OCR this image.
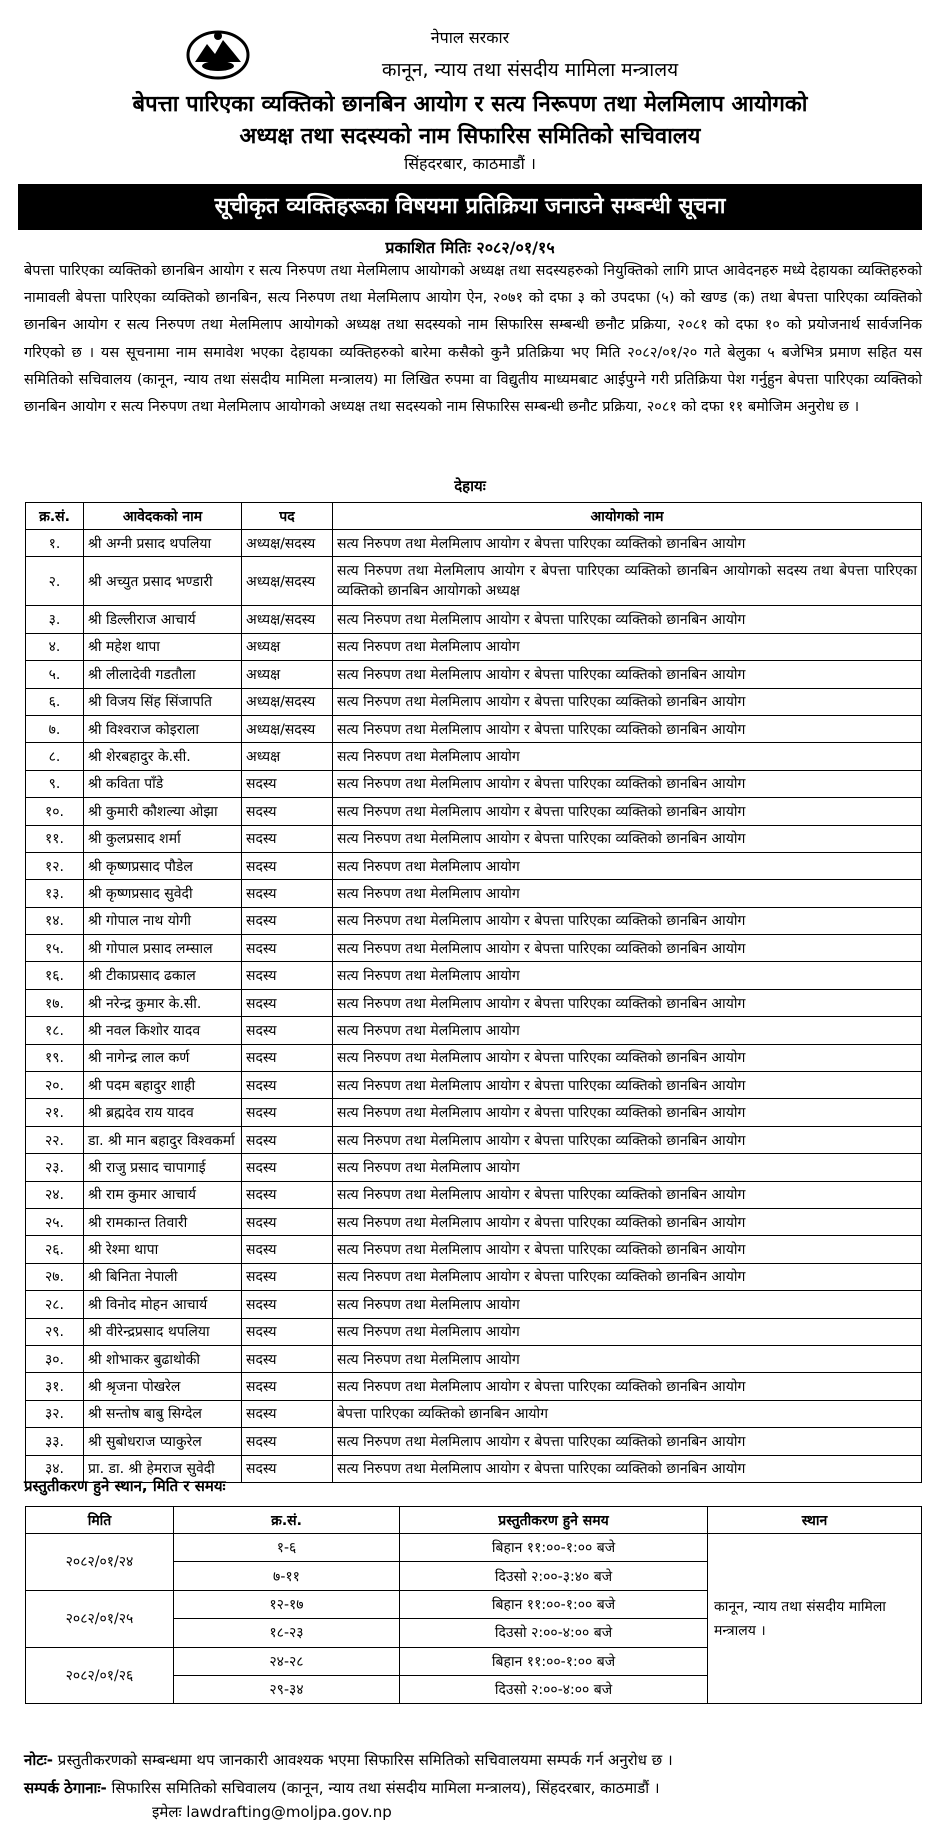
नेपाल सरकार
कानून, न्याय तथा संसदीय मामिला मन्त्रालय
बेपत्ता पारिएका व्यक्तिको छानबिन आयोग र सत्य निरूपण तथा मेलमिलाप आयोगको
अध्यक्ष तथा सदस्यको नाम सिफारिस समितिको सचिवालय
सिंहदरबार, काठमाडौं ।
सूचीकृत व्यक्तिहरूका विषयमा प्रतिक्रिया जनाउने सम्बन्धी सूचना
प्रकाशित मितिः २०८२/०१/१५
बेपत्ता पारिएका व्यक्तिको छानबिन आयोग र सत्य निरुपण तथा मेलमिलाप आयोगको अध्यक्ष तथा सदस्यहरुको नियुक्तिको लागि प्राप्त आवेदनहरु मध्ये देहायका व्यक्तिहरुको नामावली बेपत्ता पारिएका व्यक्तिको छानबिन, सत्य निरुपण तथा मेलमिलाप आयोग ऐन, २०७१ को दफा ३ को उपदफा (५) को खण्ड (क) तथा बेपत्ता पारिएका व्यक्तिको छानबिन आयोग र सत्य निरुपण तथा मेलमिलाप आयोगको अध्यक्ष तथा सदस्यको नाम सिफारिस सम्बन्धी छनौट प्रक्रिया, २०८१ को दफा १० को प्रयोजनार्थ सार्वजनिक गरिएको छ । यस सूचनामा नाम समावेश भएका देहायका व्यक्तिहरुको बारेमा कसैको कुनै प्रतिक्रिया भए मिति २०८२/०१/२० गते बेलुका ५ बजेभित्र प्रमाण सहित यस समितिको सचिवालय (कानून, न्याय तथा संसदीय मामिला मन्त्रालय) मा लिखित रुपमा वा विद्युतीय माध्यमबाट आईपुग्ने गरी प्रतिक्रिया पेश गर्नुहुन बेपत्ता पारिएका व्यक्तिको छानबिन आयोग र सत्य निरुपण तथा मेलमिलाप आयोगको अध्यक्ष तथा सदस्यको नाम सिफारिस सम्बन्धी छनौट प्रक्रिया, २०८१ को दफा ११ बमोजिम अनुरोध छ ।
देहायः
क्र.सं.	आवेदकको नाम	पद	आयोगको नाम
१.	श्री अग्नी प्रसाद थपलिया	अध्यक्ष/सदस्य	सत्य निरुपण तथा मेलमिलाप आयोग र बेपत्ता पारिएका व्यक्तिको छानबिन आयोग
२.	श्री अच्युत प्रसाद भण्डारी	अध्यक्ष/सदस्य	सत्य निरुपण तथा मेलमिलाप आयोग र बेपत्ता पारिएका व्यक्तिको छानबिन आयोगको सदस्य तथा बेपत्ता पारिएका व्यक्तिको छानबिन आयोगको अध्यक्ष
३.	श्री डिल्लीराज आचार्य	अध्यक्ष/सदस्य	सत्य निरुपण तथा मेलमिलाप आयोग र बेपत्ता पारिएका व्यक्तिको छानबिन आयोग
४.	श्री महेश थापा	अध्यक्ष	सत्य निरुपण तथा मेलमिलाप आयोग
५.	श्री लीलादेवी गडतौला	अध्यक्ष	सत्य निरुपण तथा मेलमिलाप आयोग र बेपत्ता पारिएका व्यक्तिको छानबिन आयोग
६.	श्री विजय सिंह सिंजापति	अध्यक्ष/सदस्य	सत्य निरुपण तथा मेलमिलाप आयोग र बेपत्ता पारिएका व्यक्तिको छानबिन आयोग
७.	श्री विश्वराज कोइराला	अध्यक्ष/सदस्य	सत्य निरुपण तथा मेलमिलाप आयोग र बेपत्ता पारिएका व्यक्तिको छानबिन आयोग
८.	श्री शेरबहादुर के.सी.	अध्यक्ष	सत्य निरुपण तथा मेलमिलाप आयोग
९.	श्री कविता पाँडे	सदस्य	सत्य निरुपण तथा मेलमिलाप आयोग र बेपत्ता पारिएका व्यक्तिको छानबिन आयोग
१०.	श्री कुमारी कौशल्या ओझा	सदस्य	सत्य निरुपण तथा मेलमिलाप आयोग र बेपत्ता पारिएका व्यक्तिको छानबिन आयोग
११.	श्री कुलप्रसाद शर्मा	सदस्य	सत्य निरुपण तथा मेलमिलाप आयोग र बेपत्ता पारिएका व्यक्तिको छानबिन आयोग
१२.	श्री कृष्णप्रसाद पौडेल	सदस्य	सत्य निरुपण तथा मेलमिलाप आयोग
१३.	श्री कृष्णप्रसाद सुवेदी	सदस्य	सत्य निरुपण तथा मेलमिलाप आयोग
१४.	श्री गोपाल नाथ योगी	सदस्य	सत्य निरुपण तथा मेलमिलाप आयोग र बेपत्ता पारिएका व्यक्तिको छानबिन आयोग
१५.	श्री गोपाल प्रसाद लम्साल	सदस्य	सत्य निरुपण तथा मेलमिलाप आयोग र बेपत्ता पारिएका व्यक्तिको छानबिन आयोग
१६.	श्री टीकाप्रसाद ढकाल	सदस्य	सत्य निरुपण तथा मेलमिलाप आयोग
१७.	श्री नरेन्द्र कुमार के.सी.	सदस्य	सत्य निरुपण तथा मेलमिलाप आयोग र बेपत्ता पारिएका व्यक्तिको छानबिन आयोग
१८.	श्री नवल किशोर यादव	सदस्य	सत्य निरुपण तथा मेलमिलाप आयोग
१९.	श्री नागेन्द्र लाल कर्ण	सदस्य	सत्य निरुपण तथा मेलमिलाप आयोग र बेपत्ता पारिएका व्यक्तिको छानबिन आयोग
२०.	श्री पदम बहादुर शाही	सदस्य	सत्य निरुपण तथा मेलमिलाप आयोग र बेपत्ता पारिएका व्यक्तिको छानबिन आयोग
२१.	श्री ब्रह्मदेव राय यादव	सदस्य	सत्य निरुपण तथा मेलमिलाप आयोग र बेपत्ता पारिएका व्यक्तिको छानबिन आयोग
२२.	डा. श्री मान बहादुर विश्वकर्मा	सदस्य	सत्य निरुपण तथा मेलमिलाप आयोग र बेपत्ता पारिएका व्यक्तिको छानबिन आयोग
२३.	श्री राजु प्रसाद चापागाई	सदस्य	सत्य निरुपण तथा मेलमिलाप आयोग
२४.	श्री राम कुमार आचार्य	सदस्य	सत्य निरुपण तथा मेलमिलाप आयोग र बेपत्ता पारिएका व्यक्तिको छानबिन आयोग
२५.	श्री रामकान्त तिवारी	सदस्य	सत्य निरुपण तथा मेलमिलाप आयोग र बेपत्ता पारिएका व्यक्तिको छानबिन आयोग
२६.	श्री रेश्मा थापा	सदस्य	सत्य निरुपण तथा मेलमिलाप आयोग र बेपत्ता पारिएका व्यक्तिको छानबिन आयोग
२७.	श्री बिनिता नेपाली	सदस्य	सत्य निरुपण तथा मेलमिलाप आयोग र बेपत्ता पारिएका व्यक्तिको छानबिन आयोग
२८.	श्री विनोद मोहन आचार्य	सदस्य	सत्य निरुपण तथा मेलमिलाप आयोग
२९.	श्री वीरेन्द्रप्रसाद थपलिया	सदस्य	सत्य निरुपण तथा मेलमिलाप आयोग
३०.	श्री शोभाकर बुढाथोकी	सदस्य	सत्य निरुपण तथा मेलमिलाप आयोग
३१.	श्री श्रृजना पोखरेल	सदस्य	सत्य निरुपण तथा मेलमिलाप आयोग र बेपत्ता पारिएका व्यक्तिको छानबिन आयोग
३२.	श्री सन्तोष बाबु सिग्देल	सदस्य	बेपत्ता पारिएका व्यक्तिको छानबिन आयोग
३३.	श्री सुबोधराज प्याकुरेल	सदस्य	सत्य निरुपण तथा मेलमिलाप आयोग र बेपत्ता पारिएका व्यक्तिको छानबिन आयोग
३४.	प्रा. डा. श्री हेमराज सुवेदी	सदस्य	सत्य निरुपण तथा मेलमिलाप आयोग र बेपत्ता पारिएका व्यक्तिको छानबिन आयोग
प्रस्तुतीकरण हुने स्थान, मिति र समयः
मिति	क्र.सं.	प्रस्तुतीकरण हुने समय	स्थान
२०८२/०१/२४	१-६	बिहान ११:००-१:०० बजे	कानून, न्याय तथा संसदीय मामिला मन्त्रालय ।
	७-११	दिउसो २:००-३:४० बजे	
२०८२/०१/२५	१२-१७	बिहान ११:००-१:०० बजे	
	१८-२३	दिउसो २:००-४:०० बजे	
२०८२/०१/२६	२४-२८	बिहान ११:००-१:०० बजे	
	२९-३४	दिउसो २:००-४:०० बजे	
नोटः- प्रस्तुतीकरणको सम्बन्धमा थप जानकारी आवश्यक भएमा सिफारिस समितिको सचिवालयमा सम्पर्क गर्न अनुरोध छ ।
सम्पर्क ठेगानाः- सिफारिस समितिको सचिवालय (कानून, न्याय तथा संसदीय मामिला मन्त्रालय), सिंहदरबार, काठमाडौं ।
इमेलः lawdrafting@moljpa.gov.np
